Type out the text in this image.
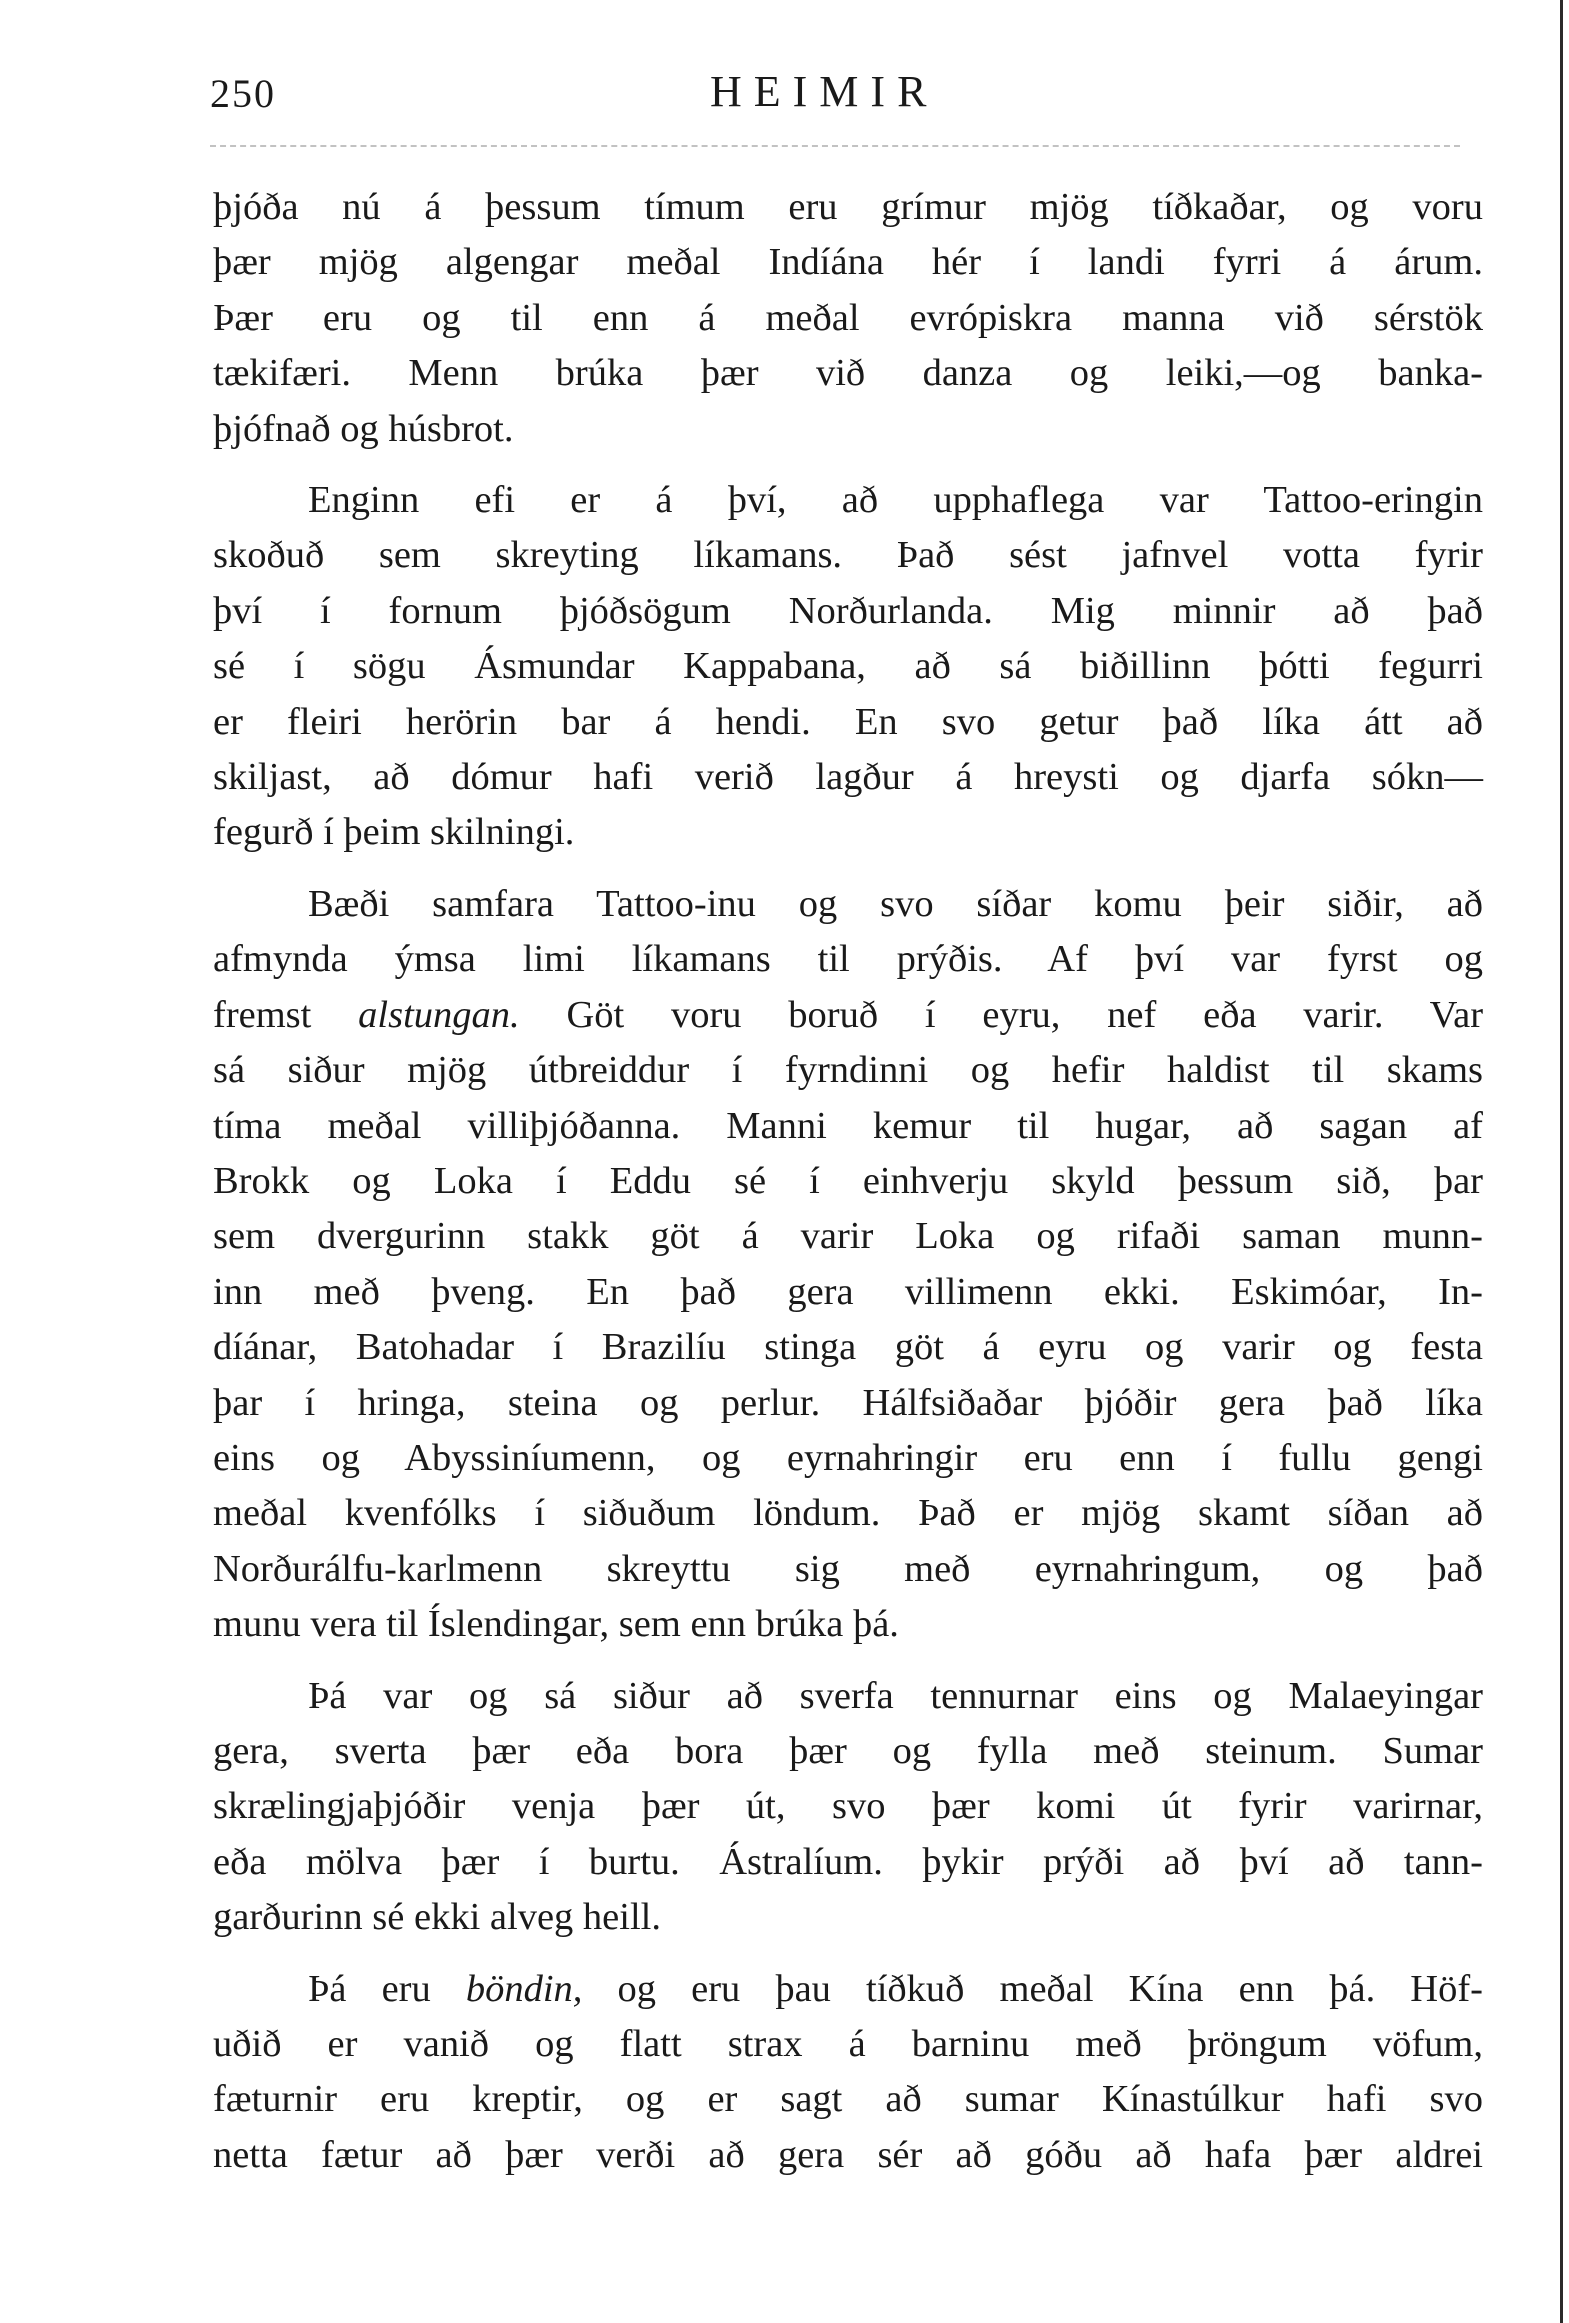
250	HEIMIR

þjóða nú á þessum tímum eru grímur mjög tíðkaðar, og voru
þær mjög algengar meðal Indíána hér í landi fyrri á árum.
Þær eru og til enn á meðal evrópiskra manna við sérstök
tækifæri. Menn brúka þær við danza og leiki,—og banka-
þjófnað og húsbrot.

Enginn efi er á því, að upphaflega var Tattoo-eringin
skoðuð sem skreyting líkamans. Það sést jafnvel votta fyrir
því í fornum þjóðsögum Norðurlanda. Mig minnir að það
sé í sögu Ásmundar Kappabana, að sá biðillinn þótti fegurri
er fleiri herörin bar á hendi. En svo getur það líka átt að
skiljast, að dómur hafi verið lagður á hreysti og djarfa sókn—
fegurð í þeim skilningi.

Bæði samfara Tattoo-inu og svo síðar komu þeir siðir, að
afmynda ýmsa limi líkamans til prýðis. Af því var fyrst og
fremst alstungan. Göt voru boruð í eyru, nef eða varir. Var
sá siður mjög útbreiddur í fyrndinni og hefir haldist til skams
tíma meðal villiþjóðanna. Manni kemur til hugar, að sagan af
Brokk og Loka í Eddu sé í einhverju skyld þessum sið, þar
sem dvergurinn stakk göt á varir Loka og rifaði saman munn-
inn með þveng. En það gera villimenn ekki. Eskimóar, In-
díánar, Batohadar í Brazilíu stinga göt á eyru og varir og festa
þar í hringa, steina og perlur. Hálfsiðaðar þjóðir gera það líka
eins og Abyssiníumenn, og eyrnahringir eru enn í fullu gengi
meðal kvenfólks í siðuðum löndum. Það er mjög skamt síðan að
Norðurálfu-karlmenn skreyttu sig með eyrnahringum, og það
munu vera til Íslendingar, sem enn brúka þá.

Þá var og sá siður að sverfa tennurnar eins og Malaeyingar
gera, sverta þær eða bora þær og fylla með steinum. Sumar
skrælingjaþjóðir venja þær út, svo þær komi út fyrir varirnar,
eða mölva þær í burtu. Ástralíum. þykir prýði að því að tann-
garðurinn sé ekki alveg heill.

Þá eru böndin, og eru þau tíðkuð meðal Kína enn þá. Höf-
uðið er vanið og flatt strax á barninu með þröngum vöfum,
fæturnir eru kreptir, og er sagt að sumar Kínastúlkur hafi svo
netta fætur að þær verði að gera sér að góðu að hafa þær aldrei
